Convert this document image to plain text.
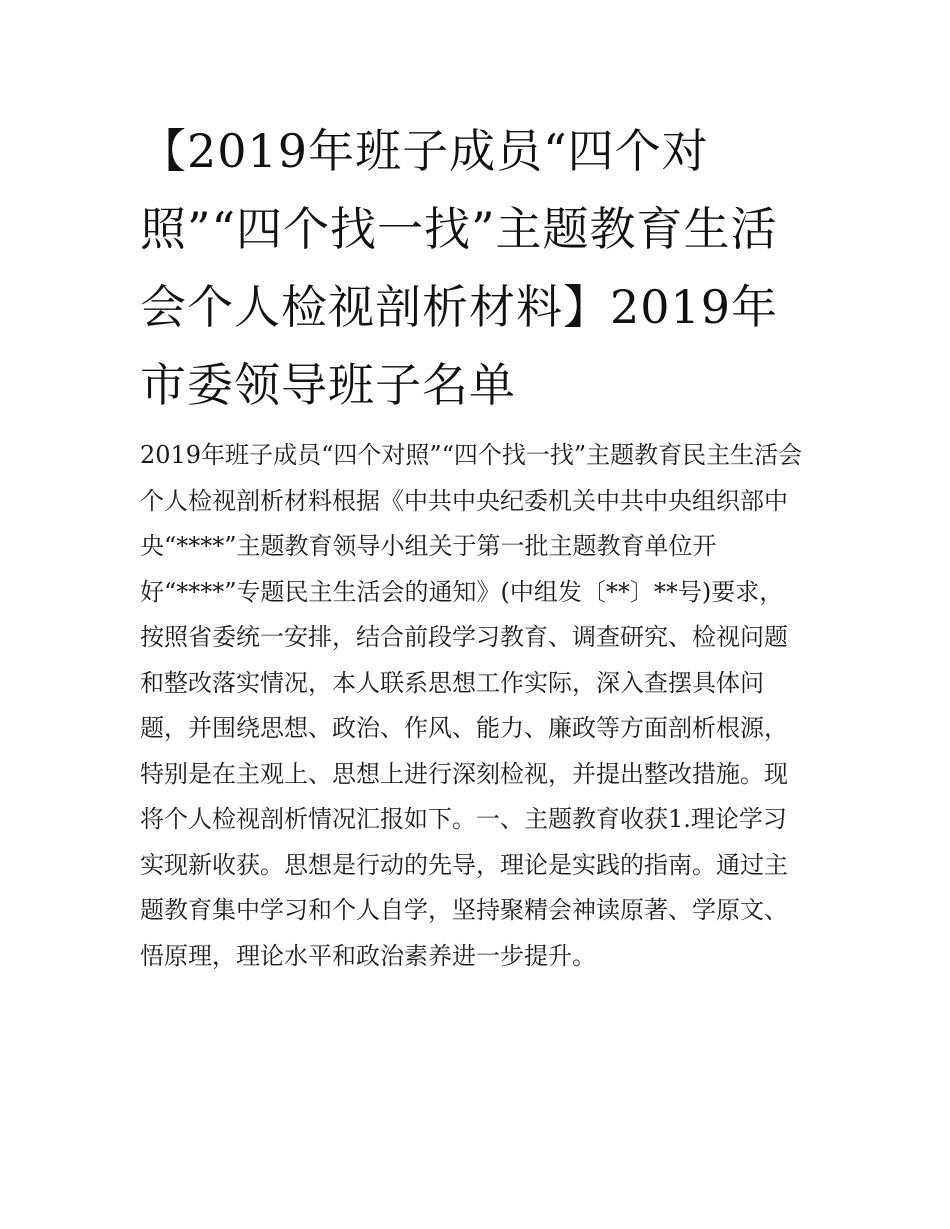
【2019年班子成员“四个对
照”“四个找一找”主题教育生活
会个人检视剖析材料】2019年
市委领导班子名单
2019年班子成员“四个对照”“四个找一找”主题教育民主生活会
个人检视剖析材料根据《中共中央纪委机关中共中央组织部中
央“****”主题教育领导小组关于第一批主题教育单位开
好“****”专题民主生活会的通知》(中组发〔**〕**号)要求，
按照省委统一安排，结合前段学习教育、调查研究、检视问题
和整改落实情况，本人联系思想工作实际，深入查摆具体问
题，并围绕思想、政治、作风、能力、廉政等方面剖析根源，
特别是在主观上、思想上进行深刻检视，并提出整改措施。现
将个人检视剖析情况汇报如下。一、主题教育收获1.理论学习
实现新收获。思想是行动的先导，理论是实践的指南。通过主
题教育集中学习和个人自学，坚持聚精会神读原著、学原文、
悟原理，理论水平和政治素养进一步提升。
